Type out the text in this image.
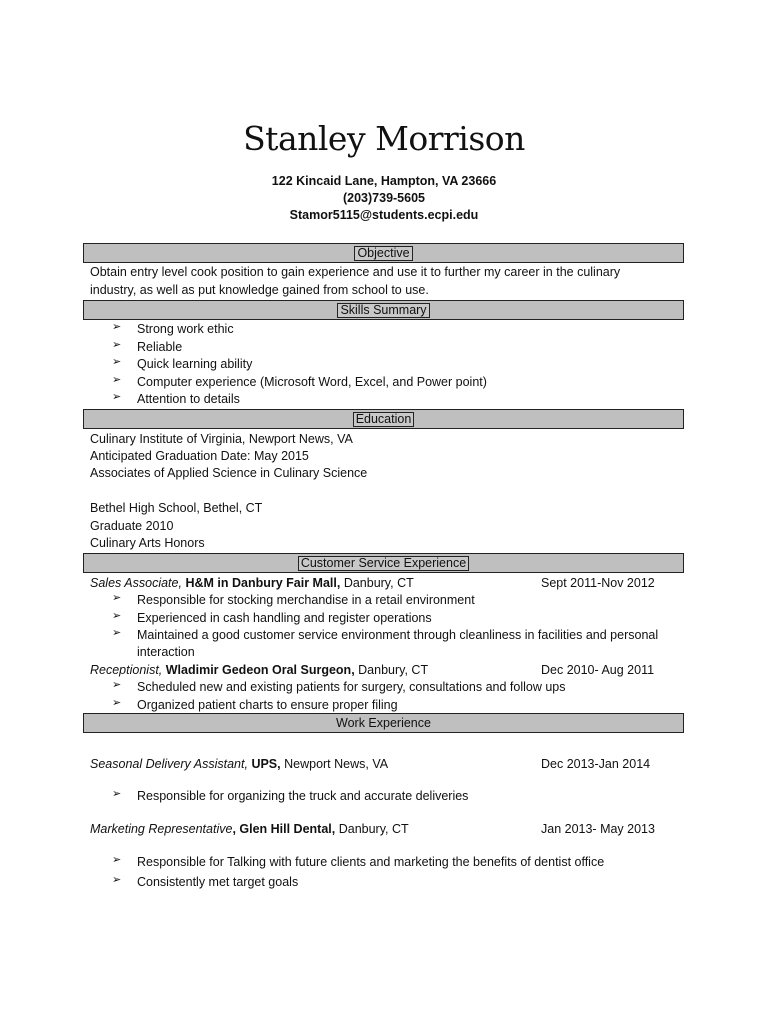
Stanley Morrison
122 Kincaid Lane, Hampton, VA 23666
(203)739-5605
Stamor5115@students.ecpi.edu
Objective
Obtain entry level cook position to gain experience and use it to further my career in the culinary
industry, as well as put knowledge gained from school to use.
Skills Summary
➢ Strong work ethic
➢ Reliable
➢ Quick learning ability
➢ Computer experience (Microsoft Word, Excel, and Power point)
➢ Attention to details
Education
Culinary Institute of Virginia, Newport News, VA
Anticipated Graduation Date: May 2015
Associates of Applied Science in Culinary Science
Bethel High School, Bethel, CT
Graduate 2010
Culinary Arts Honors
Customer Service Experience
Sales Associate, H&M in Danbury Fair Mall, Danbury, CT	Sept 2011-Nov 2012
➢ Responsible for stocking merchandise in a retail environment
➢ Experienced in cash handling and register operations
➢ Maintained a good customer service environment through cleanliness in facilities and personal
interaction
Receptionist, Wladimir Gedeon Oral Surgeon, Danbury, CT	Dec 2010- Aug 2011
➢ Scheduled new and existing patients for surgery, consultations and follow ups
➢ Organized patient charts to ensure proper filing
Work Experience
Seasonal Delivery Assistant, UPS, Newport News, VA	Dec 2013-Jan 2014
➢ Responsible for organizing the truck and accurate deliveries
Marketing Representative, Glen Hill Dental, Danbury, CT	Jan 2013- May 2013
➢ Responsible for Talking with future clients and marketing the benefits of dentist office
➢ Consistently met target goals
